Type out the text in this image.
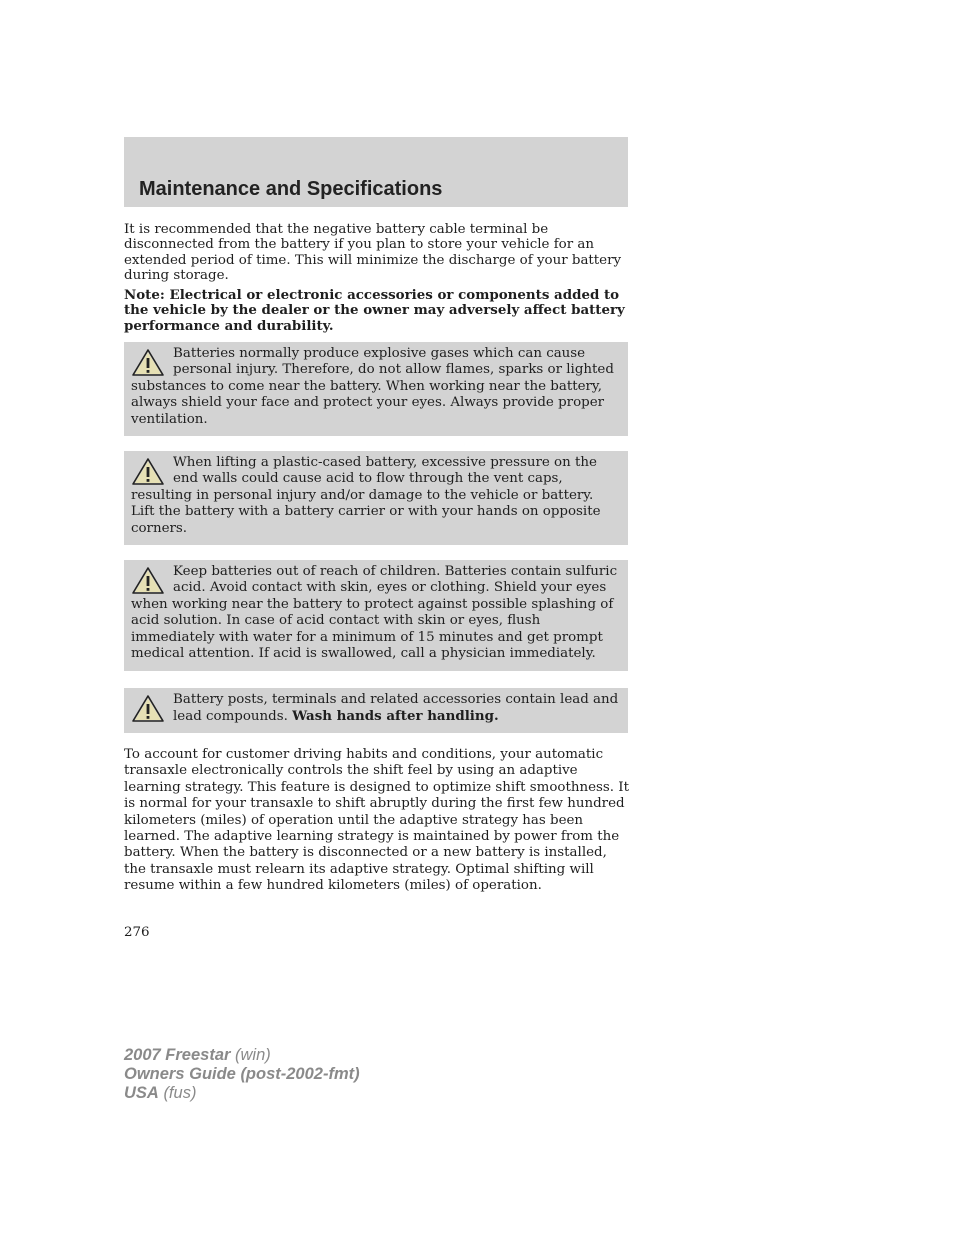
Maintenance and Specifications

It is recommended that the negative battery cable terminal be disconnected from the battery if you plan to store your vehicle for an extended period of time. This will minimize the discharge of your battery during storage.

Note: Electrical or electronic accessories or components added to the vehicle by the dealer or the owner may adversely affect battery performance and durability.

Batteries normally produce explosive gases which can cause personal injury. Therefore, do not allow flames, sparks or lighted substances to come near the battery. When working near the battery, always shield your face and protect your eyes. Always provide proper ventilation.

When lifting a plastic-cased battery, excessive pressure on the end walls could cause acid to flow through the vent caps, resulting in personal injury and/or damage to the vehicle or battery. Lift the battery with a battery carrier or with your hands on opposite corners.

Keep batteries out of reach of children. Batteries contain sulfuric acid. Avoid contact with skin, eyes or clothing. Shield your eyes when working near the battery to protect against possible splashing of acid solution. In case of acid contact with skin or eyes, flush immediately with water for a minimum of 15 minutes and get prompt medical attention. If acid is swallowed, call a physician immediately.

Battery posts, terminals and related accessories contain lead and lead compounds. Wash hands after handling.

To account for customer driving habits and conditions, your automatic transaxle electronically controls the shift feel by using an adaptive learning strategy. This feature is designed to optimize shift smoothness. It is normal for your transaxle to shift abruptly during the first few hundred kilometers (miles) of operation until the adaptive strategy has been learned. The adaptive learning strategy is maintained by power from the battery. When the battery is disconnected or a new battery is installed, the transaxle must relearn its adaptive strategy. Optimal shifting will resume within a few hundred kilometers (miles) of operation.

276

2007 Freestar (win)
Owners Guide (post-2002-fmt)
USA (fus)
